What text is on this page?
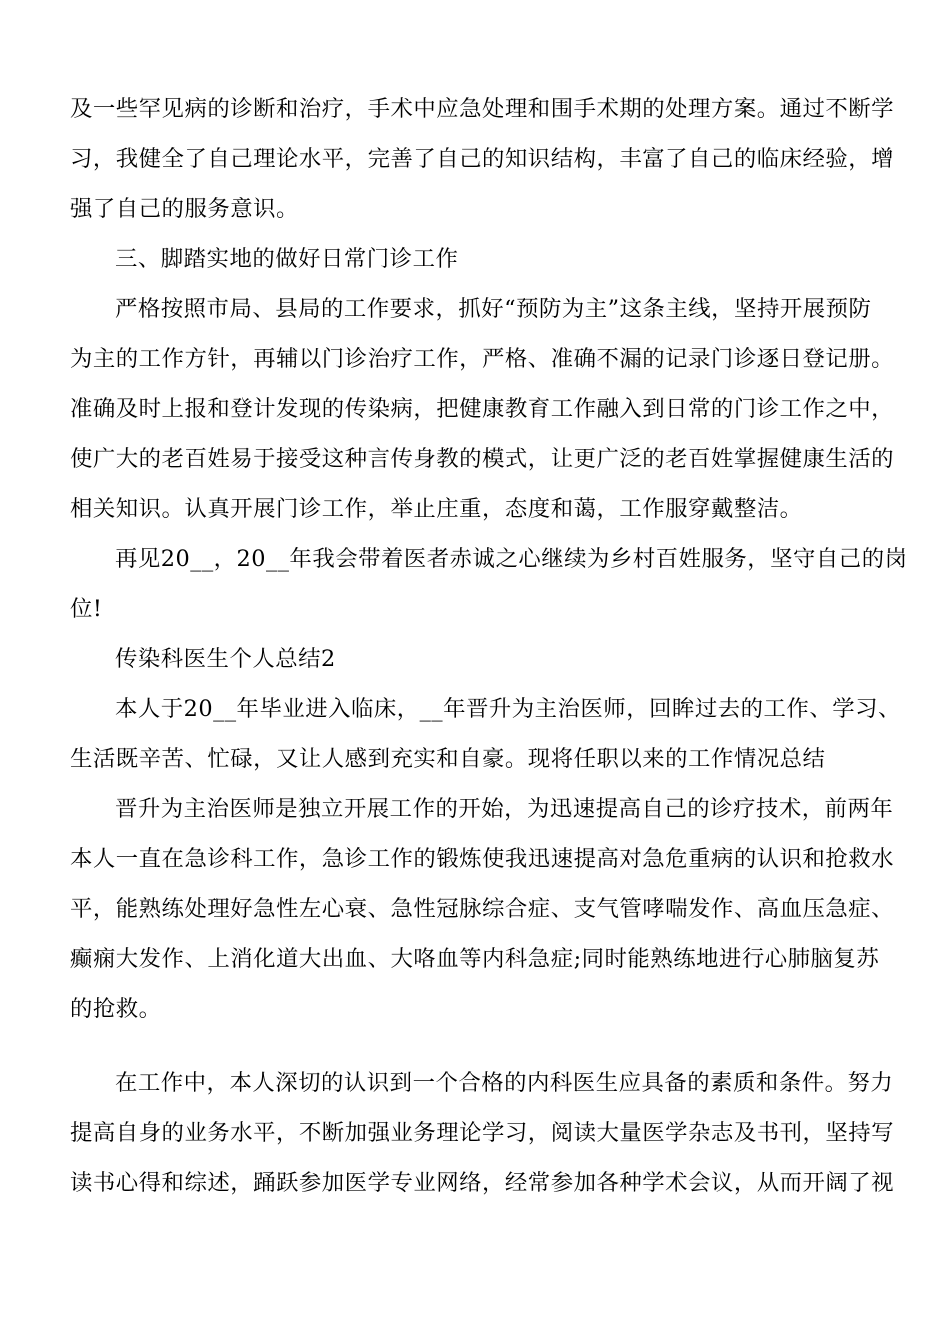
及一些罕见病的诊断和治疗，手术中应急处理和围手术期的处理方案。通过不断学
习，我健全了自己理论水平，完善了自己的知识结构，丰富了自己的临床经验，增
强了自己的服务意识。
三、脚踏实地的做好日常门诊工作
严格按照市局、县局的工作要求，抓好“预防为主”这条主线，坚持开展预防
为主的工作方针，再辅以门诊治疗工作，严格、准确不漏的记录门诊逐日登记册。
准确及时上报和登计发现的传染病，把健康教育工作融入到日常的门诊工作之中，
使广大的老百姓易于接受这种言传身教的模式，让更广泛的老百姓掌握健康生活的
相关知识。认真开展门诊工作，举止庄重，态度和蔼，工作服穿戴整洁。
再见20__，20__年我会带着医者赤诚之心继续为乡村百姓服务，坚守自己的岗
位!
传染科医生个人总结2
本人于20__年毕业进入临床，__年晋升为主治医师，回眸过去的工作、学习、
生活既辛苦、忙碌，又让人感到充实和自豪。现将任职以来的工作情况总结
晋升为主治医师是独立开展工作的开始，为迅速提高自己的诊疗技术，前两年
本人一直在急诊科工作，急诊工作的锻炼使我迅速提高对急危重病的认识和抢救水
平，能熟练处理好急性左心衰、急性冠脉综合症、支气管哮喘发作、高血压急症、
癫痫大发作、上消化道大出血、大咯血等内科急症;同时能熟练地进行心肺脑复苏
的抢救。
在工作中，本人深切的认识到一个合格的内科医生应具备的素质和条件。努力
提高自身的业务水平，不断加强业务理论学习，阅读大量医学杂志及书刊，坚持写
读书心得和综述，踊跃参加医学专业网络，经常参加各种学术会议，从而开阔了视
